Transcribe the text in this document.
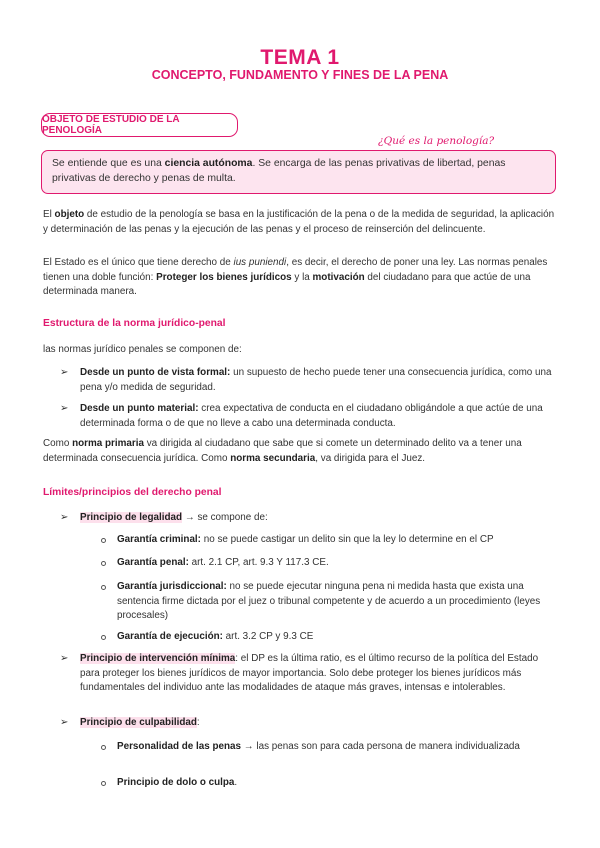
TEMA 1
CONCEPTO, FUNDAMENTO Y FINES DE LA PENA
OBJETO DE ESTUDIO DE LA PENOLOGÍA
¿Qué es la penología?
Se entiende que es una ciencia autónoma. Se encarga de las penas privativas de libertad, penas privativas de derecho y penas de multa.

El objeto de estudio de la penología se basa en la justificación de la pena o de la medida de seguridad, la aplicación y determinación de las penas y la ejecución de las penas y el proceso de reinserción del delincuente.

El Estado es el único que tiene derecho de ius puniendi, es decir, el derecho de poner una ley. Las normas penales tienen una doble función: Proteger los bienes jurídicos y la motivación del ciudadano para que actúe de una determinada manera.

Estructura de la norma jurídico-penal

las normas jurídico penales se componen de:

➢ Desde un punto de vista formal: un supuesto de hecho puede tener una consecuencia jurídica, como una pena y/o medida de seguridad.
➢ Desde un punto material: crea expectativa de conducta en el ciudadano obligándole a que actúe de una determinada forma o de que no lleve a cabo una determinada conducta.

Como norma primaria va dirigida al ciudadano que sabe que si comete un determinado delito va a tener una determinada consecuencia jurídica. Como norma secundaria, va dirigida para el Juez.

Límites/principios del derecho penal
➢ Principio de legalidad → se compone de:
Garantía criminal: no se puede castigar un delito sin que la ley lo determine en el CP
Garantía penal: art. 2.1 CP, art. 9.3 Y 117.3 CE.
Garantía jurisdiccional: no se puede ejecutar ninguna pena ni medida hasta que exista una sentencia firme dictada por el juez o tribunal competente y de acuerdo a un procedimiento (leyes procesales)
Garantía de ejecución: art. 3.2 CP y 9.3 CE
➢ Principio de intervención mínima: el DP es la última ratio, es el último recurso de la política del Estado para proteger los bienes jurídicos de mayor importancia. Solo debe proteger los bienes jurídicos más fundamentales del individuo ante las modalidades de ataque más graves, intensas e intolerables.
➢ Principio de culpabilidad:
Personalidad de las penas → las penas son para cada persona de manera individualizada
Principio de dolo o culpa.
